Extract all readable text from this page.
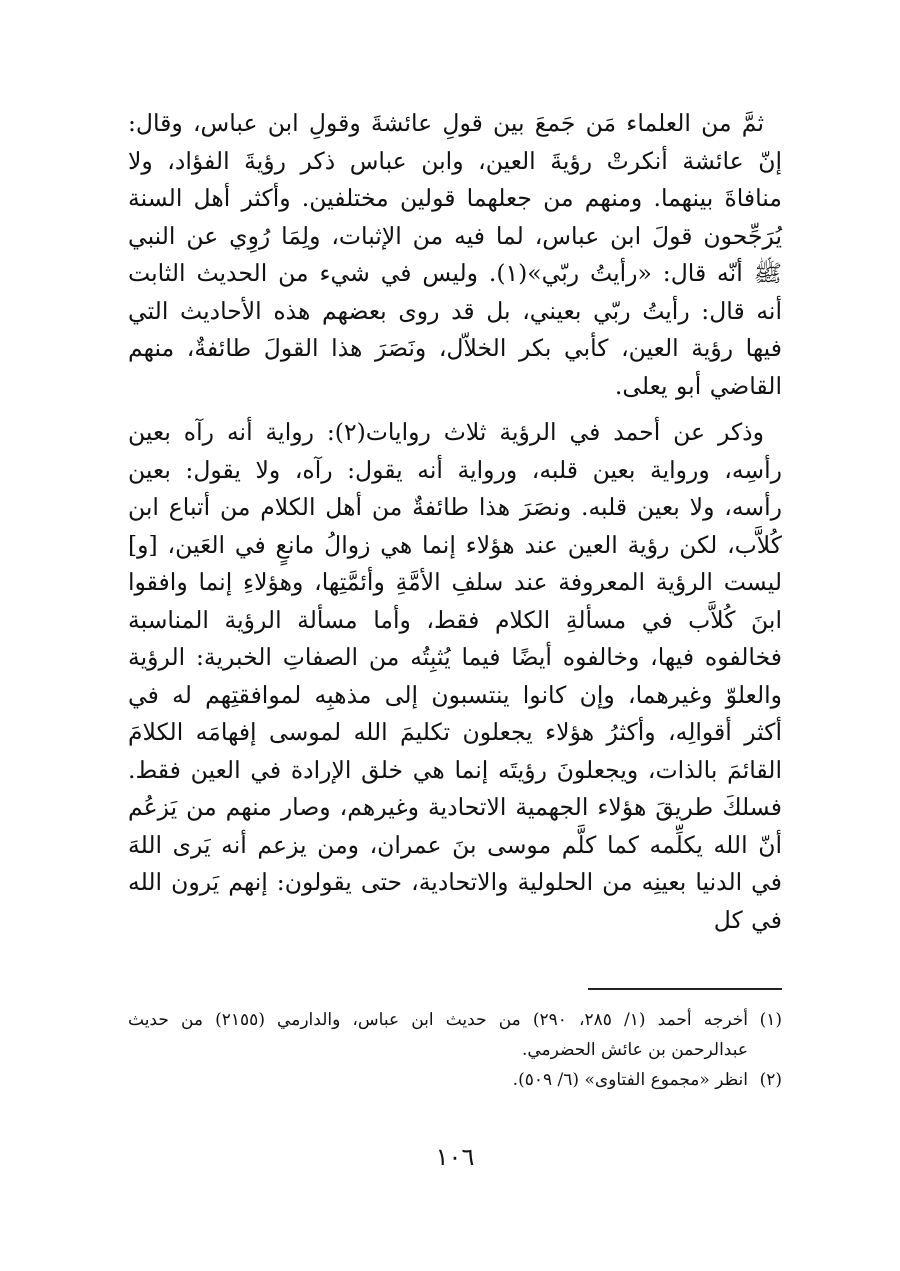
ثمَّ من العلماء مَن جَمعَ بين قولِ عائشةَ وقولِ ابن عباس، وقال: إنّ عائشة أنكرتْ رؤيةَ العين، وابن عباس ذكر رؤيةَ الفؤاد، ولا منافاةَ بينهما. ومنهم من جعلهما قولين مختلفين. وأكثر أهل السنة يُرَجِّحون قولَ ابن عباس، لما فيه من الإثبات، ولِمَا رُوِي عن النبي ﷺ أنّه قال: «رأيتُ ربّي»(١). وليس في شيء من الحديث الثابت أنه قال: رأيتُ ربّي بعيني، بل قد روى بعضهم هذه الأحاديث التي فيها رؤية العين، كأبي بكر الخلاّل، ونَصَرَ هذا القولَ طائفةٌ، منهم القاضي أبو يعلى.

وذكر عن أحمد في الرؤية ثلاث روايات(٢): رواية أنه رآه بعين رأسِه، ورواية بعين قلبه، ورواية أنه يقول: رآه، ولا يقول: بعين رأسه، ولا بعين قلبه. ونصَرَ هذا طائفةٌ من أهل الكلام من أتباع ابن كُلاَّب، لكن رؤية العين عند هؤلاء إنما هي زوالُ مانعٍ في العَين، [و] ليست الرؤية المعروفة عند سلفِ الأمَّةِ وأئمَّتِها، وهؤلاءِ إنما وافقوا ابنَ كُلاَّب في مسألةِ الكلام فقط، وأما مسألة الرؤية المناسبة فخالفوه فيها، وخالفوه أيضًا فيما يُثبِتُه من الصفاتِ الخبرية: الرؤية والعلوّ وغيرهما، وإن كانوا ينتسبون إلى مذهبِه لموافقتِهم له في أكثر أقوالِه، وأكثرُ هؤلاء يجعلون تكليمَ الله لموسى إفهامَه الكلامَ القائمَ بالذات، ويجعلونَ رؤيتَه إنما هي خلق الإرادة في العين فقط. فسلكَ طريقَ هؤلاء الجهمية الاتحادية وغيرهم، وصار منهم من يَزعُم أنّ الله يكلِّمه كما كلَّم موسى بنَ عمران، ومن يزعم أنه يَرى اللهَ في الدنيا بعينِه من الحلولية والاتحادية، حتى يقولون: إنهم يَرون الله في كل

(١)أخرجه أحمد (١/ ٢٨٥، ٢٩٠) من حديث ابن عباس، والدارمي (٢١٥٥) من حديث عبدالرحمن بن عائش الحضرمي.

(٢)انظر «مجموع الفتاوى» (٦/ ٥٠٩).

١٠٦
